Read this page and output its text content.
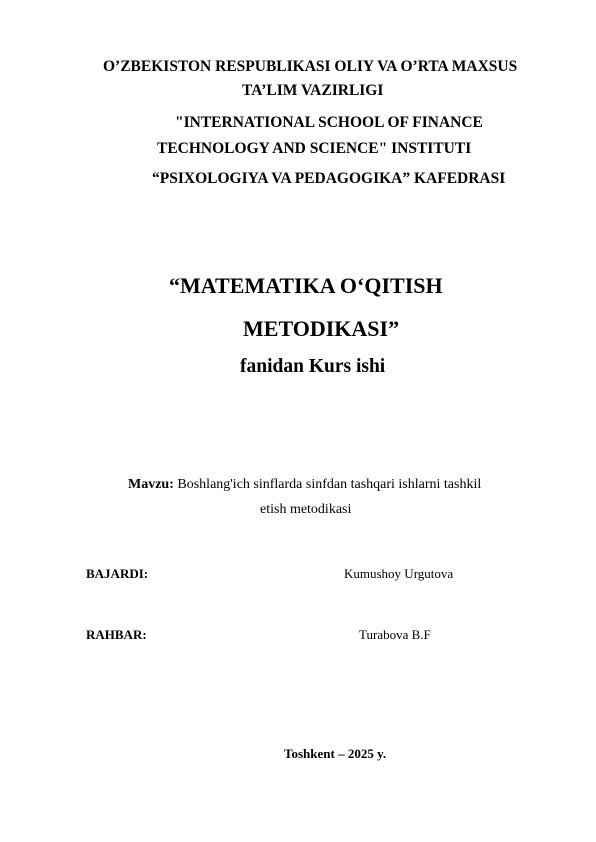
O’ZBEKISTON RESPUBLIKASI OLIY VA O’RTA MAXSUS
TA’LIM VAZIRLIGI
"INTERNATIONAL SCHOOL OF FINANCE
TECHNOLOGY AND SCIENCE" INSTITUTI
“PSIXOLOGIYA VA PEDAGOGIKA” KAFEDRASI
“MATEMATIKA O‘QITISH
METODIKASI”
fanidan Kurs ishi
Mavzu: Boshlang'ich sinflarda sinfdan tashqari ishlarni tashkil
etish metodikasi
BAJARDI:	Kumushoy Urgutova
RAHBAR:	Turabova B.F
Toshkent – 2025 y.
